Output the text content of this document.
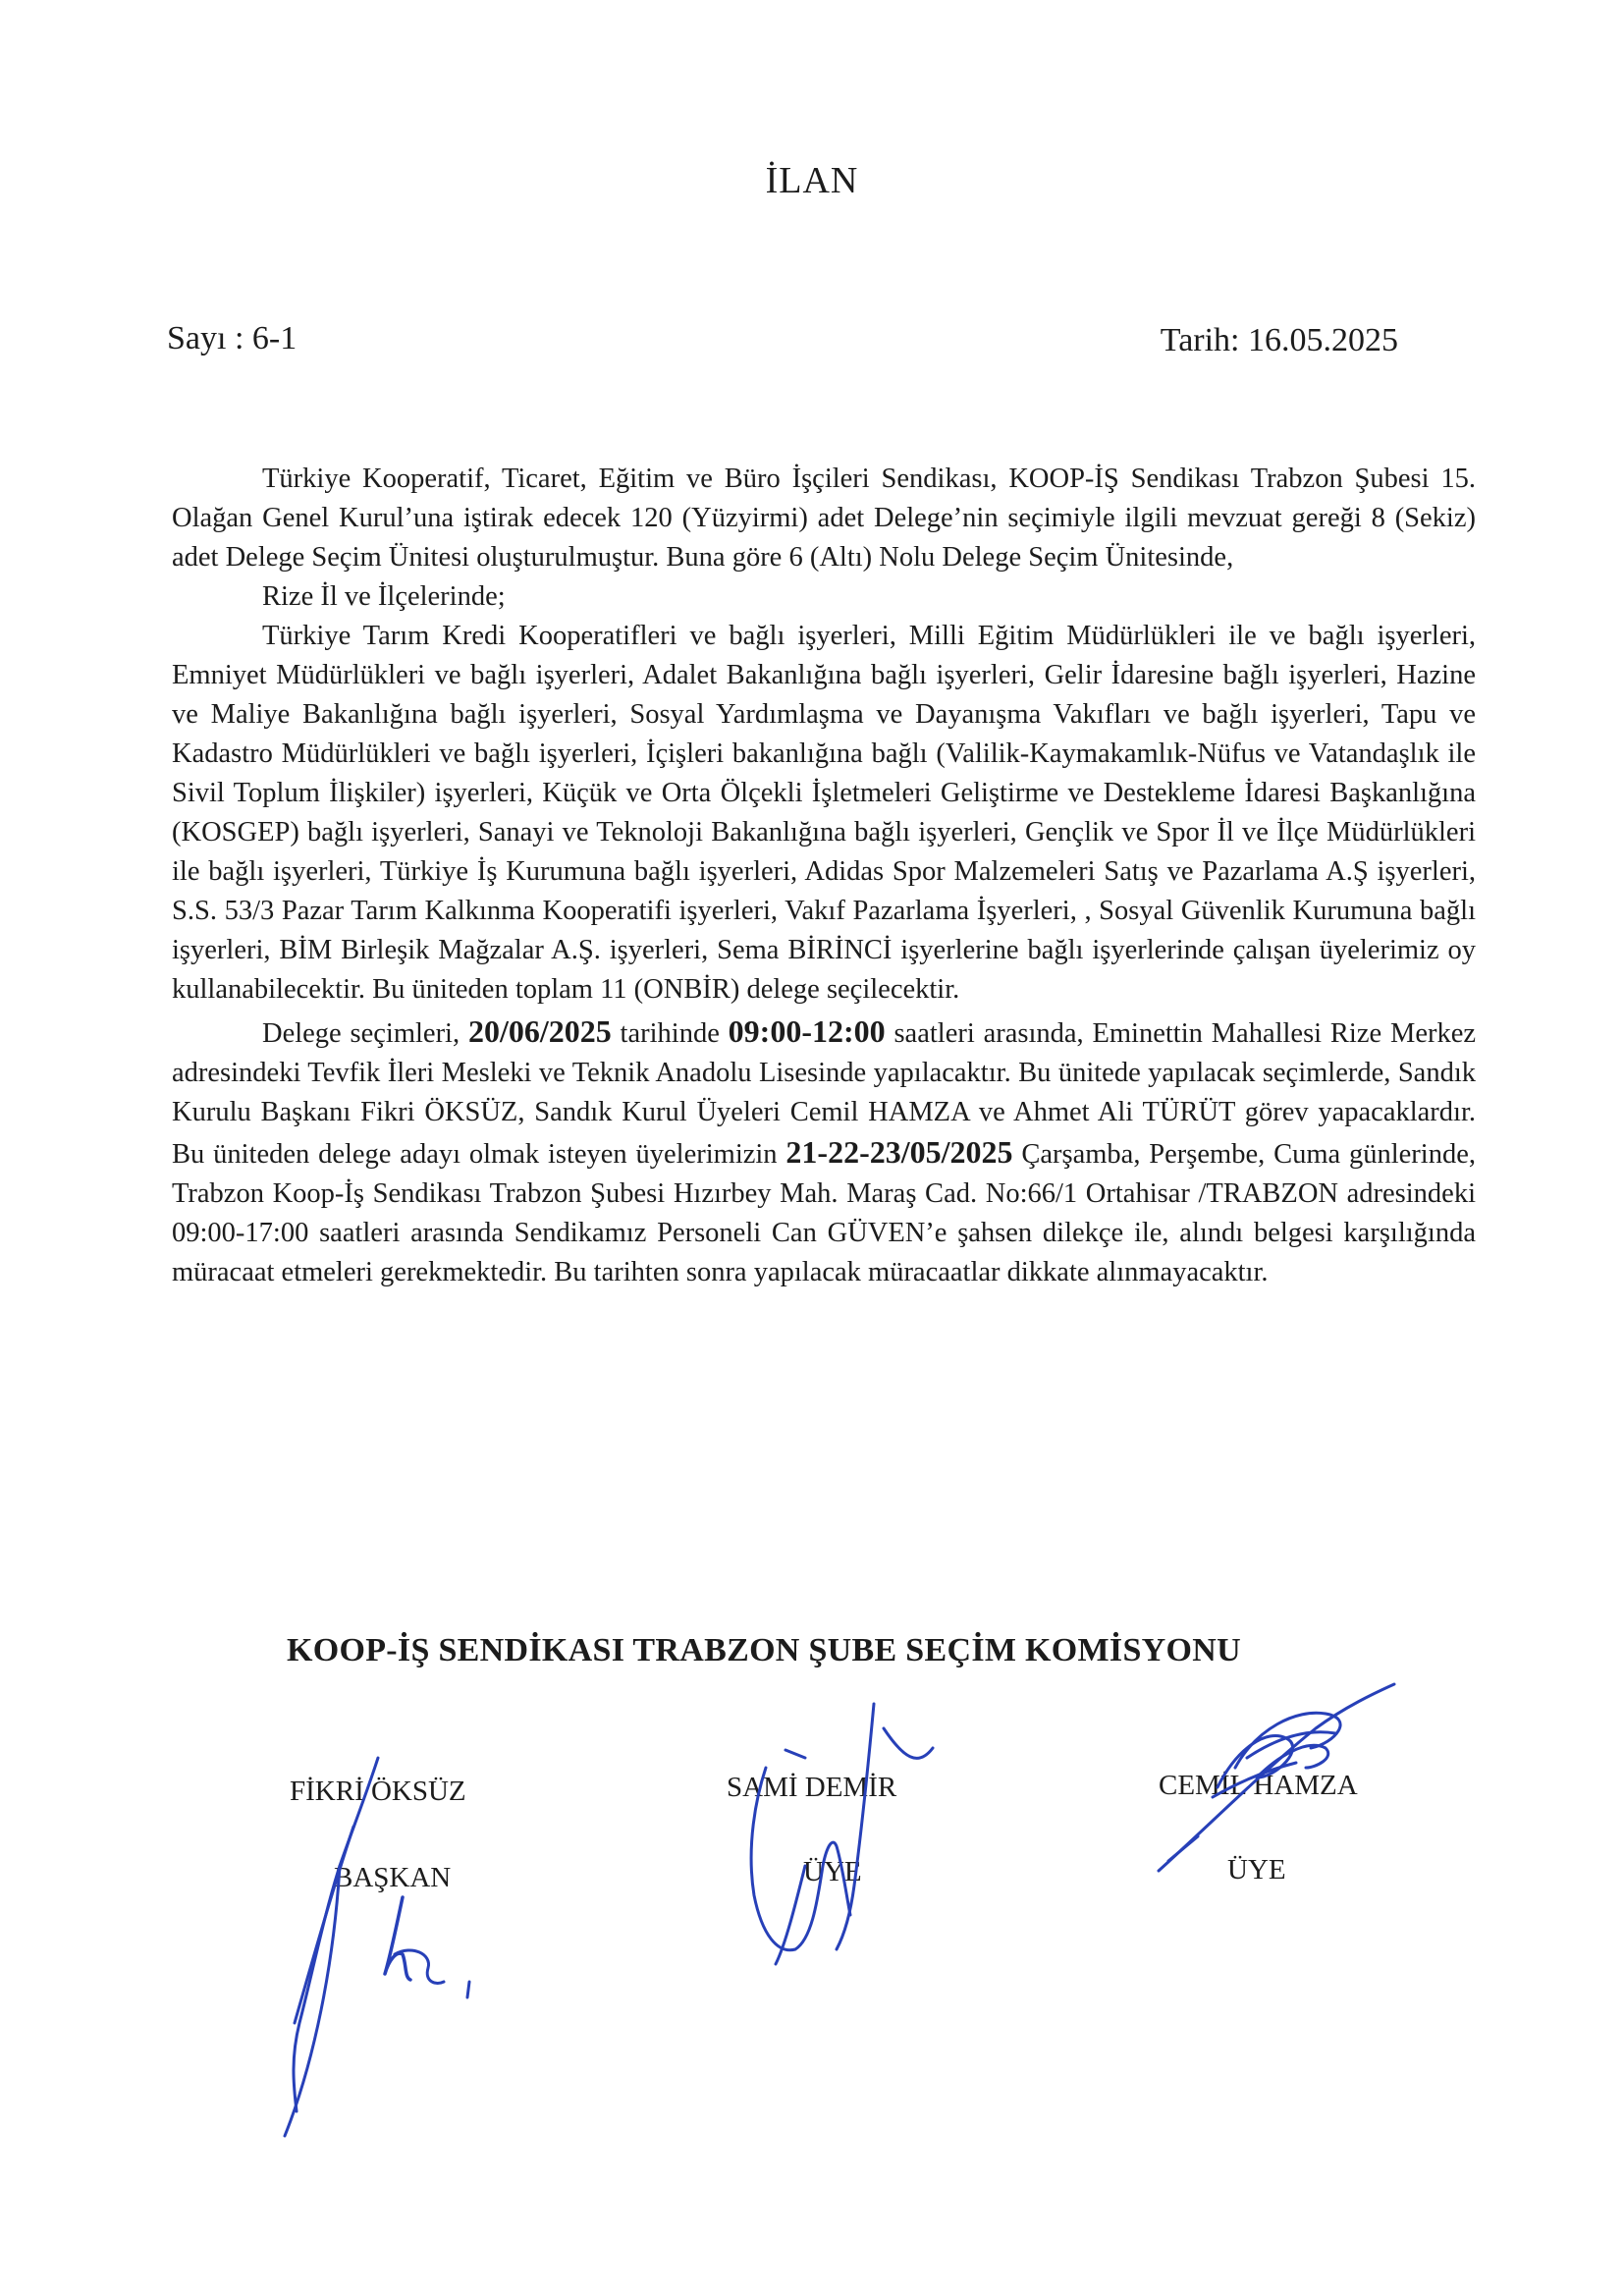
İLAN
Sayı : 6-1	Tarih: 16.05.2025

Türkiye Kooperatif, Ticaret, Eğitim ve Büro İşçileri Sendikası, KOOP-İŞ Sendikası Trabzon Şubesi 15. Olağan Genel Kurul’una iştirak edecek 120 (Yüzyirmi) adet Delege’nin seçimiyle ilgili mevzuat gereği 8 (Sekiz) adet Delege Seçim Ünitesi oluşturulmuştur. Buna göre 6 (Altı) Nolu Delege Seçim Ünitesinde,

Rize İl ve İlçelerinde;

Türkiye Tarım Kredi Kooperatifleri ve bağlı işyerleri, Milli Eğitim Müdürlükleri ile ve bağlı işyerleri, Emniyet Müdürlükleri ve bağlı işyerleri, Adalet Bakanlığına bağlı işyerleri, Gelir İdaresine bağlı işyerleri, Hazine ve Maliye Bakanlığına bağlı işyerleri, Sosyal Yardımlaşma ve Dayanışma Vakıfları ve bağlı işyerleri, Tapu ve Kadastro Müdürlükleri ve bağlı işyerleri, İçişleri bakanlığına bağlı (Valilik-Kaymakamlık-Nüfus ve Vatandaşlık ile Sivil Toplum İlişkiler) işyerleri, Küçük ve Orta Ölçekli İşletmeleri Geliştirme ve Destekleme İdaresi Başkanlığına (KOSGEP) bağlı işyerleri, Sanayi ve Teknoloji Bakanlığına bağlı işyerleri, Gençlik ve Spor İl ve İlçe Müdürlükleri ile bağlı işyerleri, Türkiye İş Kurumuna bağlı işyerleri, Adidas Spor Malzemeleri Satış ve Pazarlama A.Ş işyerleri, S.S. 53/3 Pazar Tarım Kalkınma Kooperatifi işyerleri, Vakıf Pazarlama İşyerleri, , Sosyal Güvenlik Kurumuna bağlı işyerleri, BİM Birleşik Mağzalar A.Ş. işyerleri, Sema BİRİNCİ işyerlerine bağlı işyerlerinde çalışan üyelerimiz oy kullanabilecektir. Bu üniteden toplam 11 (ONBİR) delege seçilecektir.

Delege seçimleri, 20/06/2025 tarihinde 09:00-12:00 saatleri arasında, Eminettin Mahallesi Rize Merkez adresindeki Tevfik İleri Mesleki ve Teknik Anadolu Lisesinde yapılacaktır. Bu ünitede yapılacak seçimlerde, Sandık Kurulu Başkanı Fikri ÖKSÜZ, Sandık Kurul Üyeleri Cemil HAMZA ve Ahmet Ali TÜRÜT görev yapacaklardır. Bu üniteden delege adayı olmak isteyen üyelerimizin 21-22-23/05/2025 Çarşamba, Perşembe, Cuma günlerinde, Trabzon Koop-İş Sendikası Trabzon Şubesi Hızırbey Mah. Maraş Cad. No:66/1 Ortahisar /TRABZON adresindeki 09:00-17:00 saatleri arasında Sendikamız Personeli Can GÜVEN’e şahsen dilekçe ile, alındı belgesi karşılığında müracaat etmeleri gerekmektedir. Bu tarihten sonra yapılacak müracaatlar dikkate alınmayacaktır.

KOOP-İŞ SENDİKASI TRABZON ŞUBE SEÇİM KOMİSYONU
FİKRİ ÖKSÜZ
BAŞKAN
SAMİ DEMİR
ÜYE
CEMİL HAMZA
ÜYE
